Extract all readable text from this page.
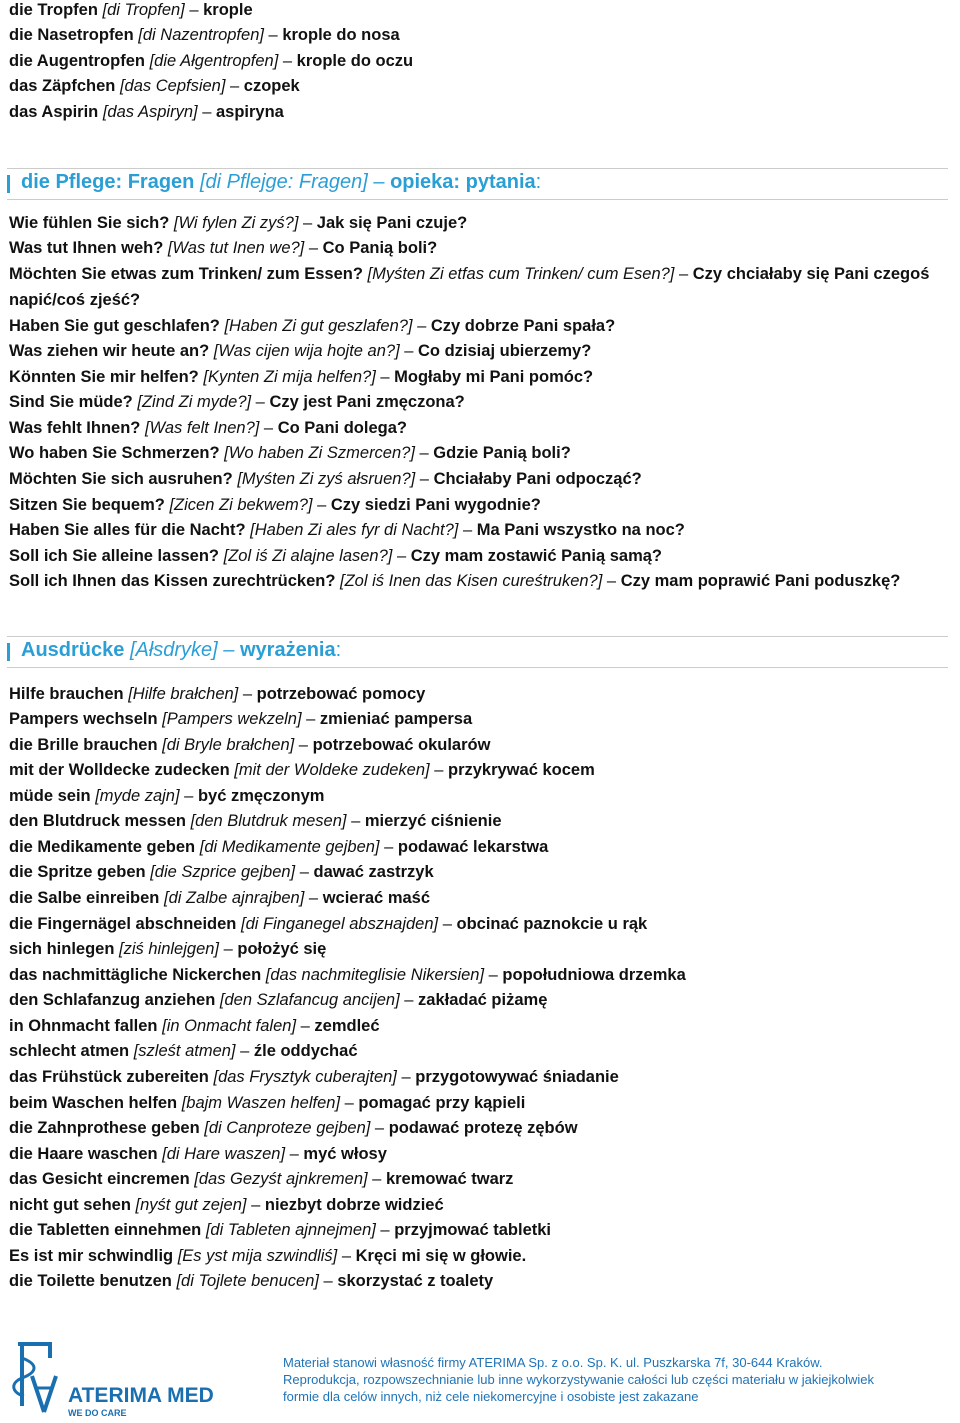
die Tropfen [di Tropfen] – krople
die Nasetropfen [di Nazentropfen] – krople do nosa
die Augentropfen [die Ałgentropfen] – krople do oczu
das Zäpfchen [das Cepfsien] – czopek
das Aspirin [das Aspiryn] – aspiryna
die Pflege: Fragen [di Pflejge: Fragen] – opieka: pytania:
Wie fühlen Sie sich? [Wi fylen Zi zyś?] – Jak się Pani czuje?
Was tut Ihnen weh? [Was tut Inen we?] – Co Panią boli?
Möchten Sie etwas zum Trinken/ zum Essen? [Myśten Zi etfas cum Trinken/ cum Esen?] – Czy chciałaby się Pani czegoś napić/coś zjeść?
Haben Sie gut geschlafen? [Haben Zi gut geszlafen?] – Czy dobrze Pani spała?
Was ziehen wir heute an? [Was cijen wija hojte an?] – Co dzisiaj ubierzemy?
Könnten Sie mir helfen? [Kynten Zi mija helfen?] – Mogłaby mi Pani pomóc?
Sind Sie müde? [Zind Zi myde?] – Czy jest Pani zmęczona?
Was fehlt Ihnen? [Was felt Inen?] – Co Pani dolega?
Wo haben Sie Schmerzen? [Wo haben Zi Szmercen?] – Gdzie Panią boli?
Möchten Sie sich ausruhen? [Myśten Zi zyś ałsruen?] – Chciałaby Pani odpocząć?
Sitzen Sie bequem? [Zicen Zi bekwem?] – Czy siedzi Pani wygodnie?
Haben Sie alles für die Nacht? [Haben Zi ales fyr di Nacht?] – Ma Pani wszystko na noc?
Soll ich Sie alleine lassen? [Zol iś Zi alajne lasen?] – Czy mam zostawić Panią samą?
Soll ich Ihnen das Kissen zurechtrücken? [Zol iś Inen das Kisen cureśtruken?] – Czy mam poprawić Pani poduszkę?
Ausdrücke [Ałsdryke] – wyrażenia:
Hilfe brauchen [Hilfe brałchen] – potrzebować pomocy
Pampers wechseln [Pampers wekzeln] – zmieniać pampersa
die Brille brauchen [di Bryle brałchen] – potrzebować okularów
mit der Wolldecke zudecken [mit der Woldeke zudeken] – przykrywać kocem
müde sein [myde zajn] – być zmęczonym
den Blutdruck messen [den Blutdruk mesen] – mierzyć ciśnienie
die Medikamente geben [di Medikamente gejben] – podawać lekarstwa
die Spritze geben [die Szprice gejben] – dawać zastrzyk
die Salbe einreiben [di Zalbe ajnrajben] – wcierać maść
die Fingernägel abschneiden [di Finganegel abszнajden] – obcinać paznokcie u rąk
sich hinlegen [ziś hinlejgen] – położyć się
das nachmittägliche Nickerchen [das nachmiteglisie Nikersien] – popołudniowa drzemka
den Schlafanzug anziehen [den Szlafancug ancijen] – zakładać piżamę
in Ohnmacht fallen [in Onmacht falen] – zemdleć
schlecht atmen [szleśt atmen] – źle oddychać
das Frühstück zubereiten [das Frysztyk cuberajten] – przygotowywać śniadanie
beim Waschen helfen [bajm Waszen helfen] – pomagać przy kąpieli
die Zahnprothese geben [di Canproteze gejben] – podawać protezę zębów
die Haare waschen [di Hare waszen] – myć włosy
das Gesicht eincremen [das Gezyśt ajnkremen] – kremować twarz
nicht gut sehen [nyśt gut zejen] – niezbyt dobrze widzieć
die Tabletten einnehmen [di Tableten ajnnejmen] – przyjmować tabletki
Es ist mir schwindlig [Es yst mija szwindliś] – Kręci mi się w głowie.
die Toilette benutzen [di Tojlete benucen] – skorzystać z toalety
ATERIMA MED
WE DO CARE
Materiał stanowi własność firmy ATERIMA Sp. z o.o. Sp. K. ul. Puszkarska 7f, 30-644 Kraków.
Reprodukcja, rozpowszechnianie lub inne wykorzystywanie całości lub części materiału w jakiejkolwiek
formie dla celów innych, niż cele niekomercyjne i osobiste jest zakazane
